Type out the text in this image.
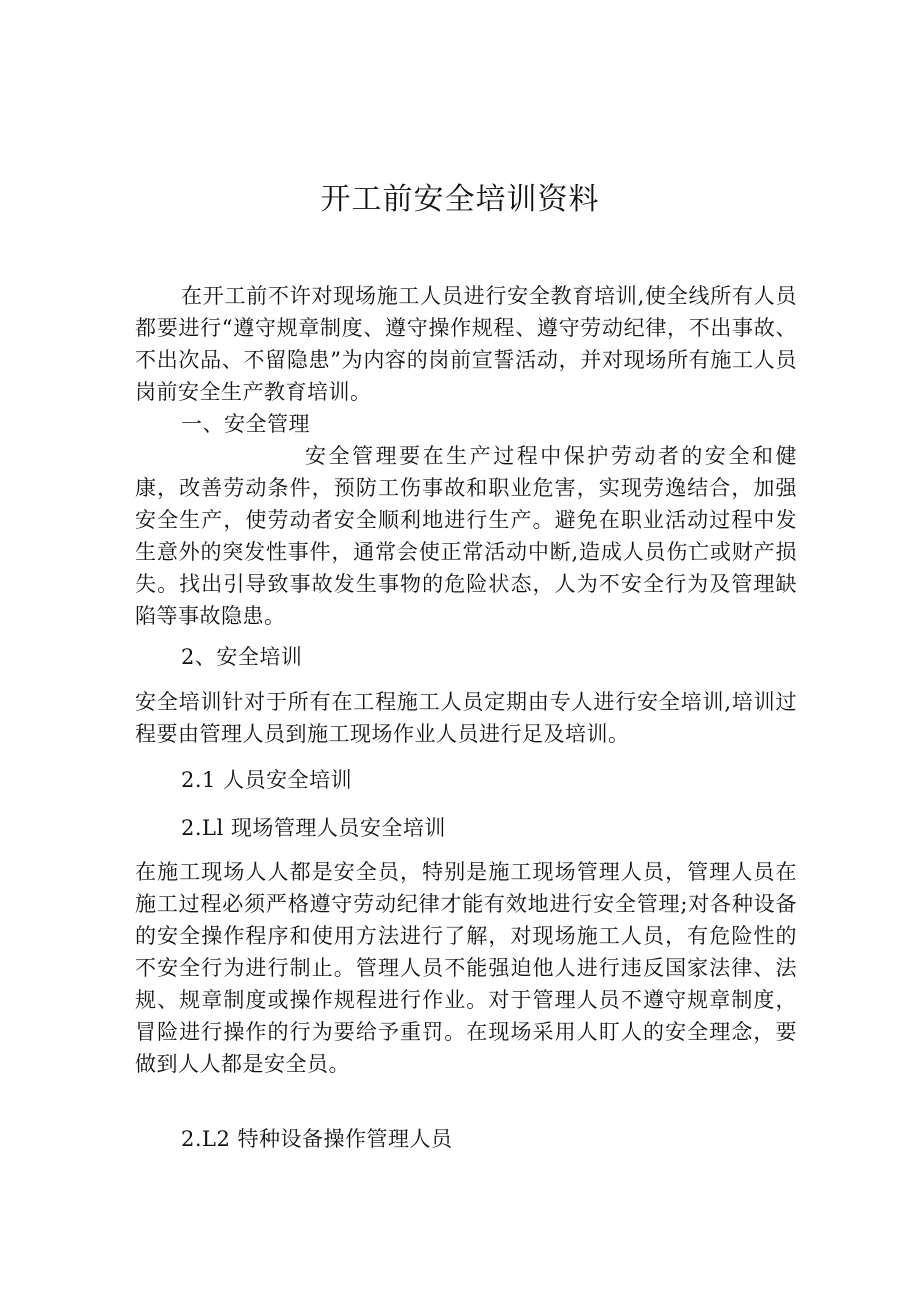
开工前安全培训资料

在开工前不许对现场施工人员进行安全教育培训,使全线所有人员都要进行“遵守规章制度、遵守操作规程、遵守劳动纪律，不出事故、不出次品、不留隐患”为内容的岗前宣誓活动，并对现场所有施工人员岗前安全生产教育培训。

一、安全管理

安全管理要在生产过程中保护劳动者的安全和健康，改善劳动条件，预防工伤事故和职业危害，实现劳逸结合，加强安全生产，使劳动者安全顺利地进行生产。避免在职业活动过程中发生意外的突发性事件，通常会使正常活动中断,造成人员伤亡或财产损失。找出引导致事故发生事物的危险状态，人为不安全行为及管理缺陷等事故隐患。

2、安全培训

安全培训针对于所有在工程施工人员定期由专人进行安全培训,培训过程要由管理人员到施工现场作业人员进行足及培训。

2.1 人员安全培训
2.Ll 现场管理人员安全培训

在施工现场人人都是安全员，特别是施工现场管理人员，管理人员在施工过程必须严格遵守劳动纪律才能有效地进行安全管理;对各种设备的安全操作程序和使用方法进行了解，对现场施工人员，有危险性的不安全行为进行制止。管理人员不能强迫他人进行违反国家法律、法规、规章制度或操作规程进行作业。对于管理人员不遵守规章制度，冒险进行操作的行为要给予重罚。在现场采用人盯人的安全理念，要做到人人都是安全员。

2.L2 特种设备操作管理人员
